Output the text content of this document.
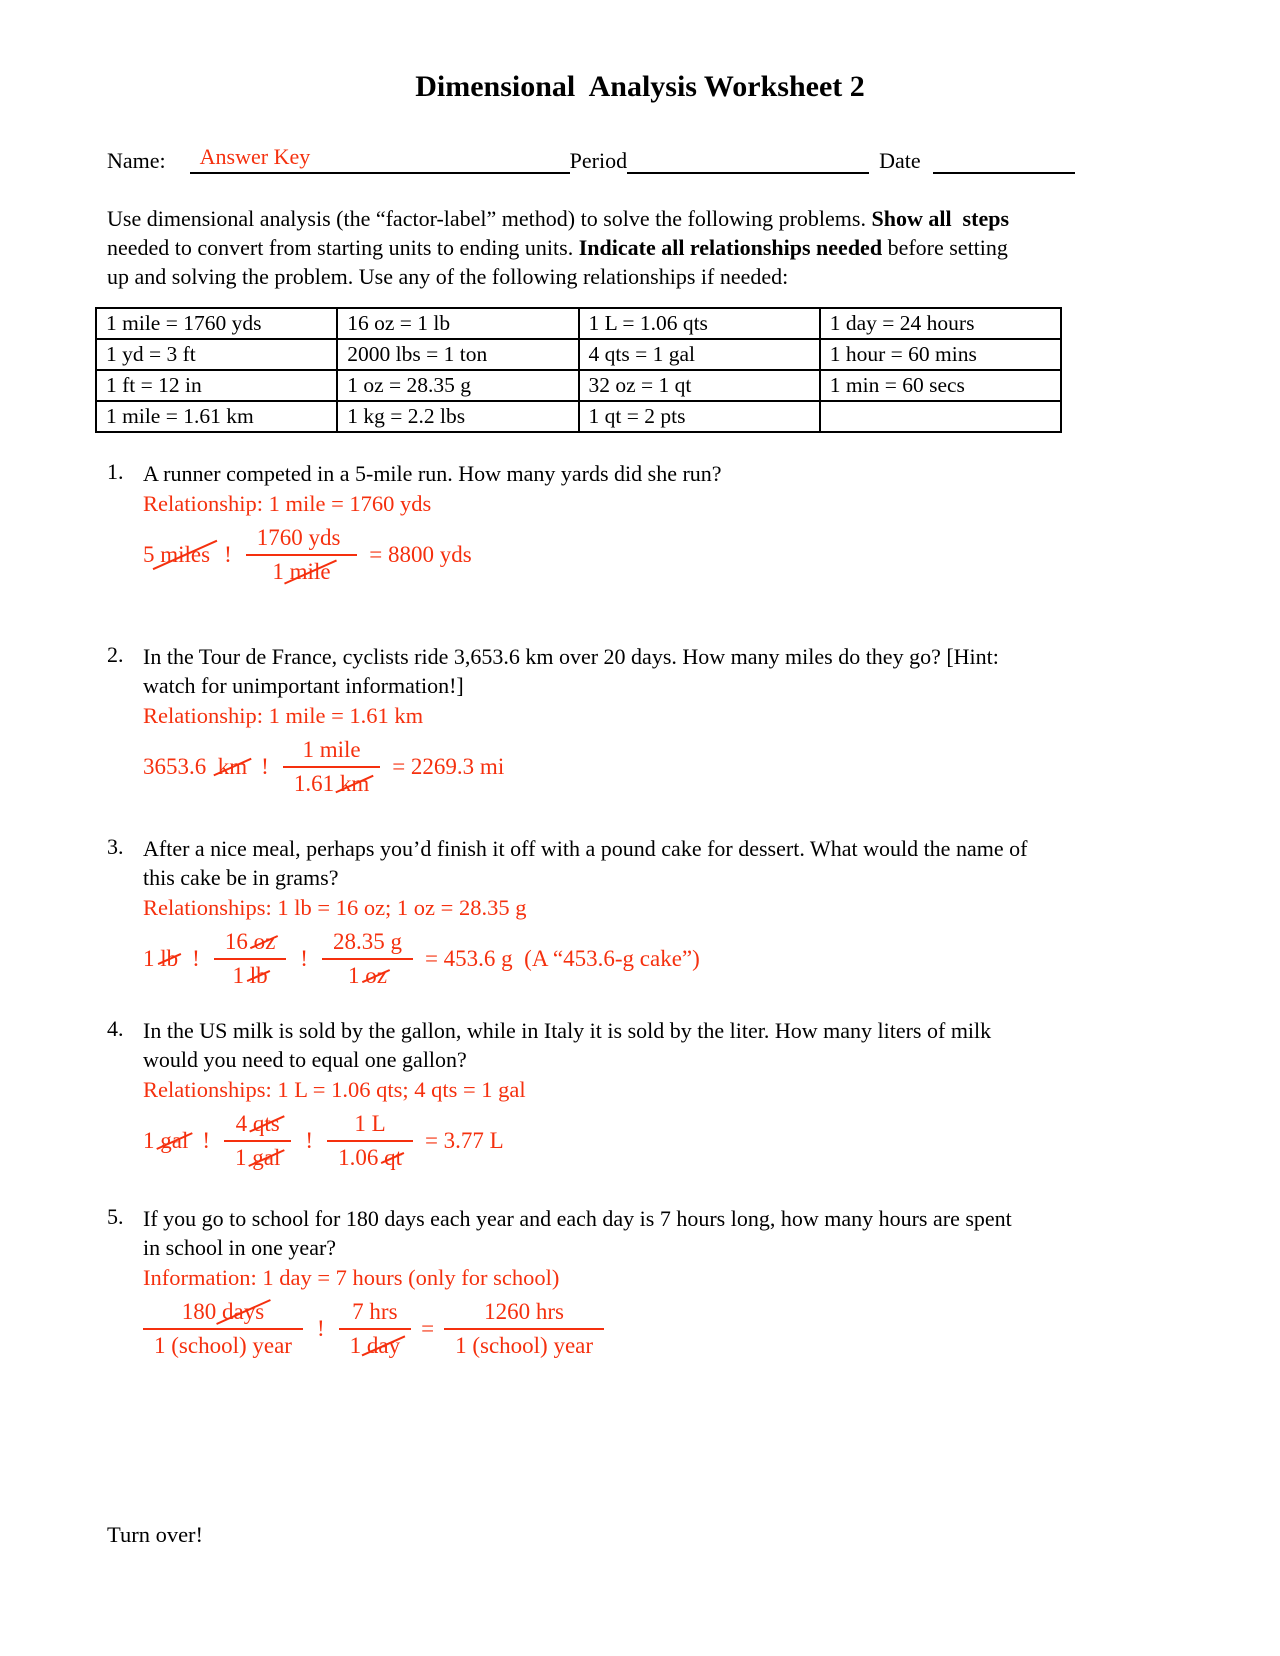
Dimensional  Analysis Worksheet 2
Name:	Answer Key	Period	Date
Use dimensional analysis (the “factor-label” method) to solve the following problems. Show all  steps
needed to convert from starting units to ending units. Indicate all relationships needed before setting
up and solving the problem. Use any of the following relationships if needed:
1 mile = 1760 yds	16 oz = 1 lb	1 L = 1.06 qts	1 day = 24 hours
1 yd = 3 ft	2000 lbs = 1 ton	4 qts = 1 gal	1 hour = 60 mins
1 ft = 12 in	1 oz = 28.35 g	32 oz = 1 qt	1 min = 60 secs
1 mile = 1.61 km	1 kg = 2.2 lbs	1 qt = 2 pts	
1. A runner competed in a 5-mile run. How many yards did she run?
Relationship: 1 mile = 1760 yds
5 miles ! $\frac{\text{1760 yds}}{\text{1 mile}} = 8800$ yds
2. In the Tour de France, cyclists ride 3,653.6 km over 20 days. How many miles do they go? [Hint:
watch for unimportant information!]
Relationship: 1 mile = 1.61 km
3653.6 km ! $\frac{\text{1 mile}}{1.61 km} = 2269.3$ mi
3. After a nice meal, perhaps you’d finish it off with a pound cake for dessert. What would the name of
this cake be in grams?
Relationships: 1 lb = 16 oz; 1 oz = 28.35 g
1 lb ! $\frac{16 oz}{1 lb}$ ! $\frac{28.35 g}{1 oz} = 453.6$ g  (A “453.6-g cake”)
4. In the US milk is sold by the gallon, while in Italy it is sold by the liter. How many liters of milk
would you need to equal one gallon?
Relationships: 1 L = 1.06 qts; 4 qts = 1 gal
1 gal ! $\frac{\text{4 qts}}{\text{1 gal}}$ ! $\frac{1 L}{1.06 qt} = 3.77$ L
5. If you go to school for 180 days each year and each day is 7 hours long, how many hours are spent
in school in one year?
Information: 1 day = 7 hours (only for school)
$\frac{\text{180 days}}{\text{1 (school) year}}$ ! $\frac{\text{7 hrs}}{\text{1 day}} = \frac{\text{1260 hrs}}{\text{1 (school) year}}$
Turn over!
